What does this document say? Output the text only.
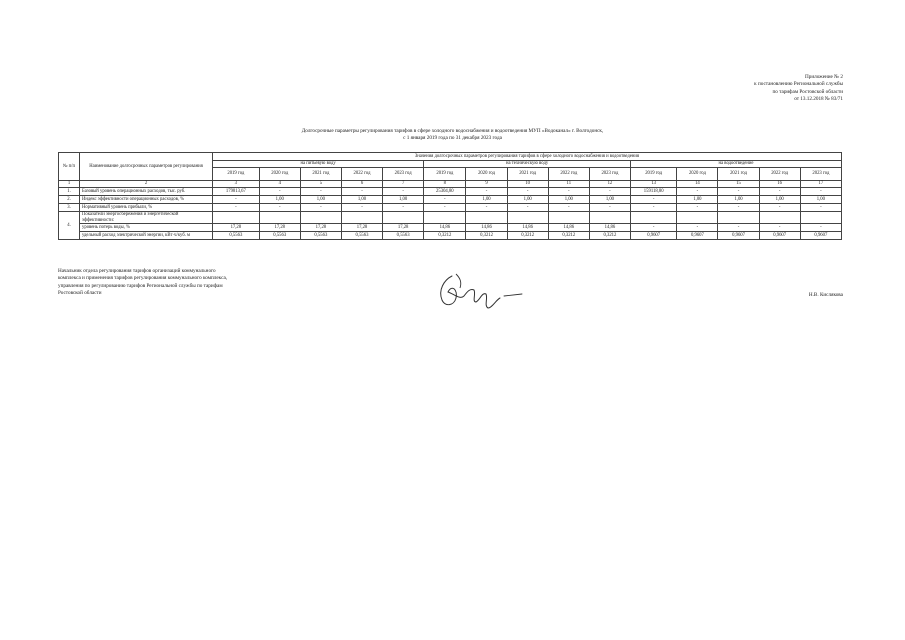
Приложение № 2
к постановлению Региональной службы
по тарифам Ростовской области
от 13.12.2018 № 83/71
Долгосрочные параметры регулирования тарифов в сфере холодного водоснабжения и водоотведения МУП «Водоканал» г. Волгодонск,
с 1 января 2019 года по 31 декабря 2023 года
№ п/п	Наименование долгосрочных параметров регулирования	Значения долгосрочных параметров регулирования тарифов в сфере холодного водоснабжения и водоотведения														
		на питьевую воду					на техническую воду					на водоотведение				
		2019 год	2020 год	2021 год	2022 год	2023 год	2019 год	2020 год	2021 год	2022 год	2023 год	2019 год	2020 год	2021 год	2022 год	2023 год
1	2	3	4	5	6	7	8	9	10	11	12	13	14	15	16	17
1.	Базовый уровень операционных расходов, тыс. руб.	179813,67	-	-	-	-	25304,80	-	-	-	-	159118,80	-	-	-	-
2.	Индекс эффективности операционных расходов, %	-	1,00	1,00	1,00	1,00	-	1,00	1,00	1,00	1,00	-	1,00	1,00	1,00	1,00
3.	Нормативный уровень прибыли, %	-	-	-	-	-	-	-	-	-	-	-	-	-	-	-
4.	Показатели энергосбережения и энергетической эффективности:															
	уровень потерь воды, %	17,28	17,28	17,28	17,28	17,28	14,86	14,86	14,86	14,86	14,86	-	-	-	-	-
	удельный расход электрической энергии, кВт·ч/куб. м	0,5563	0,5563	0,5563	0,5563	0,5563	0,3212	0,3212	0,3212	0,3212	0,3212	0,9607	0,9607	0,9607	0,9607	0,9607
Начальник отдела регулирования тарифов организаций коммунального
комплекса и применения тарифов регулирования коммунального комплекса,
управления по регулированию тарифов Региональной службы по тарифам
Ростовской области	Н.В. Кислякова
